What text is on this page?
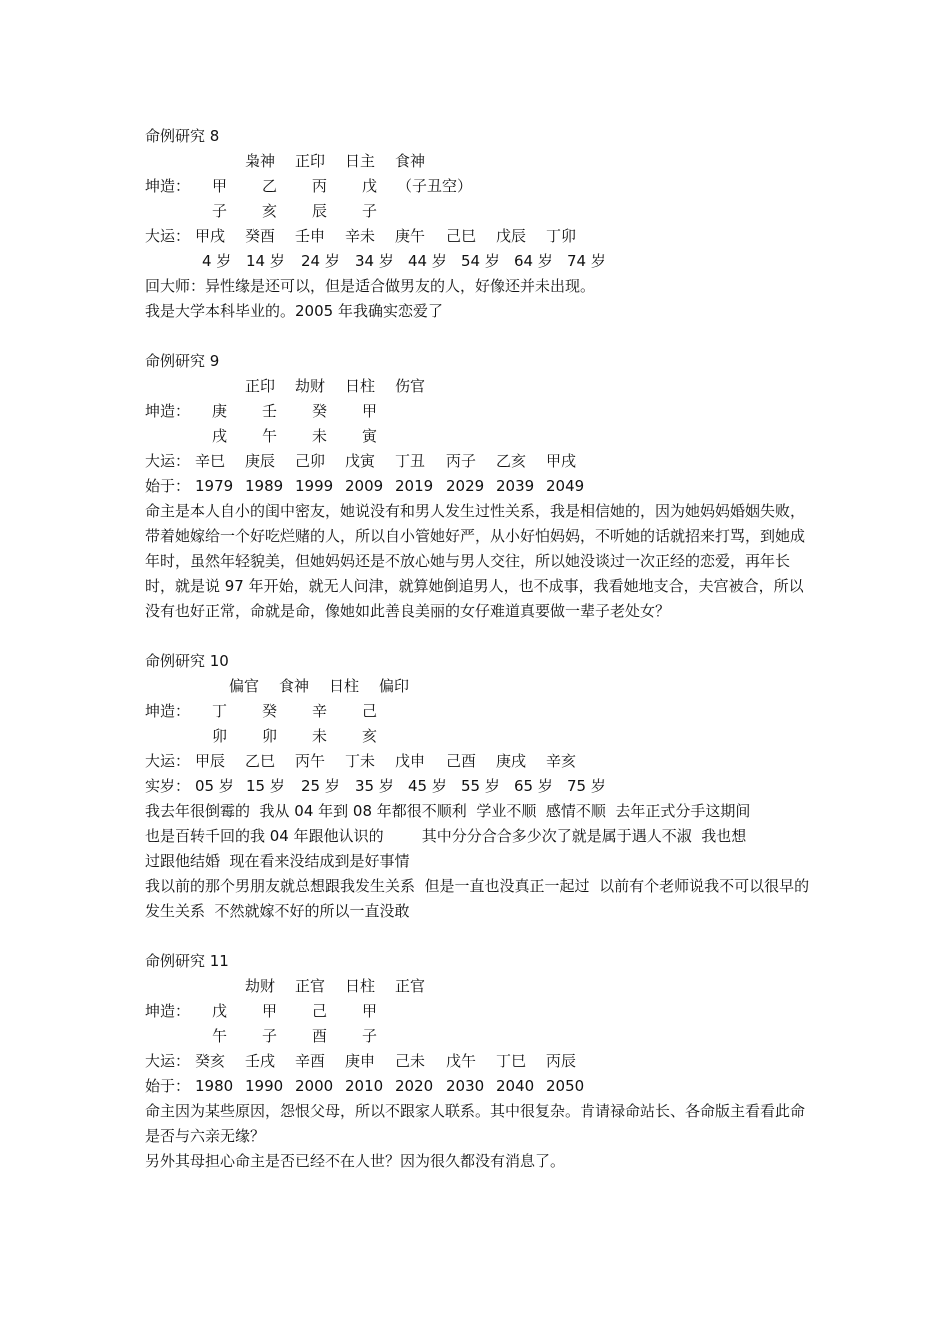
命例研究 8
枭神 正印 日主 食神
坤造： 甲 乙 丙 戊 （子丑空）
子 亥 辰 子
大运： 甲戌 癸酉 壬申 辛未 庚午 己巳 戊辰 丁卯
4 岁 14 岁 24 岁 34 岁 44 岁 54 岁 64 岁 74 岁
回大师：异性缘是还可以，但是适合做男友的人，好像还并未出现。
我是大学本科毕业的。2005 年我确实恋爱了
命例研究 9
正印 劫财 日柱 伤官
坤造： 庚 壬 癸 甲
戌 午 未 寅
大运： 辛巳 庚辰 己卯 戊寅 丁丑 丙子 乙亥 甲戌
始于： 1979 1989 1999 2009 2019 2029 2039 2049
命主是本人自小的闺中密友，她说没有和男人发生过性关系，我是相信她的，因为她妈妈婚姻失败，带着她嫁给一个好吃烂赌的人，所以自小管她好严，从小好怕妈妈，不听她的话就招来打骂，到她成年时，虽然年轻貌美，但她妈妈还是不放心她与男人交往，所以她没谈过一次正经的恋爱，再年长时，就是说 97 年开始，就无人问津，就算她倒追男人，也不成事，我看她地支合，夫宫被合，所以没有也好正常，命就是命，像她如此善良美丽的女仔难道真要做一辈子老处女？
命例研究 10
偏官 食神 日柱 偏印
坤造： 丁 癸 辛 己
卯 卯 未 亥
大运： 甲辰 乙巳 丙午 丁未 戊申 己酉 庚戌 辛亥
实岁： 05 岁 15 岁 25 岁 35 岁 45 岁 55 岁 65 岁 75 岁
我去年很倒霉的  我从 04 年到 08 年都很不顺利  学业不顺  感情不顺  去年正式分手这期间
也是百转千回的我 04 年跟他认识的        其中分分合合多少次了就是属于遇人不淑  我也想
过跟他结婚  现在看来没结成到是好事情
我以前的那个男朋友就总想跟我发生关系  但是一直也没真正一起过  以前有个老师说我不可以很早的发生关系  不然就嫁不好的所以一直没敢
命例研究 11
劫财 正官 日柱 正官
坤造： 戊 甲 己 甲
午 子 酉 子
大运： 癸亥 壬戌 辛酉 庚申 己未 戊午 丁巳 丙辰
始于： 1980 1990 2000 2010 2020 2030 2040 2050
命主因为某些原因，怨恨父母，所以不跟家人联系。其中很复杂。肯请禄命站长、各命版主看看此命是否与六亲无缘？
另外其母担心命主是否已经不在人世？因为很久都没有消息了。
